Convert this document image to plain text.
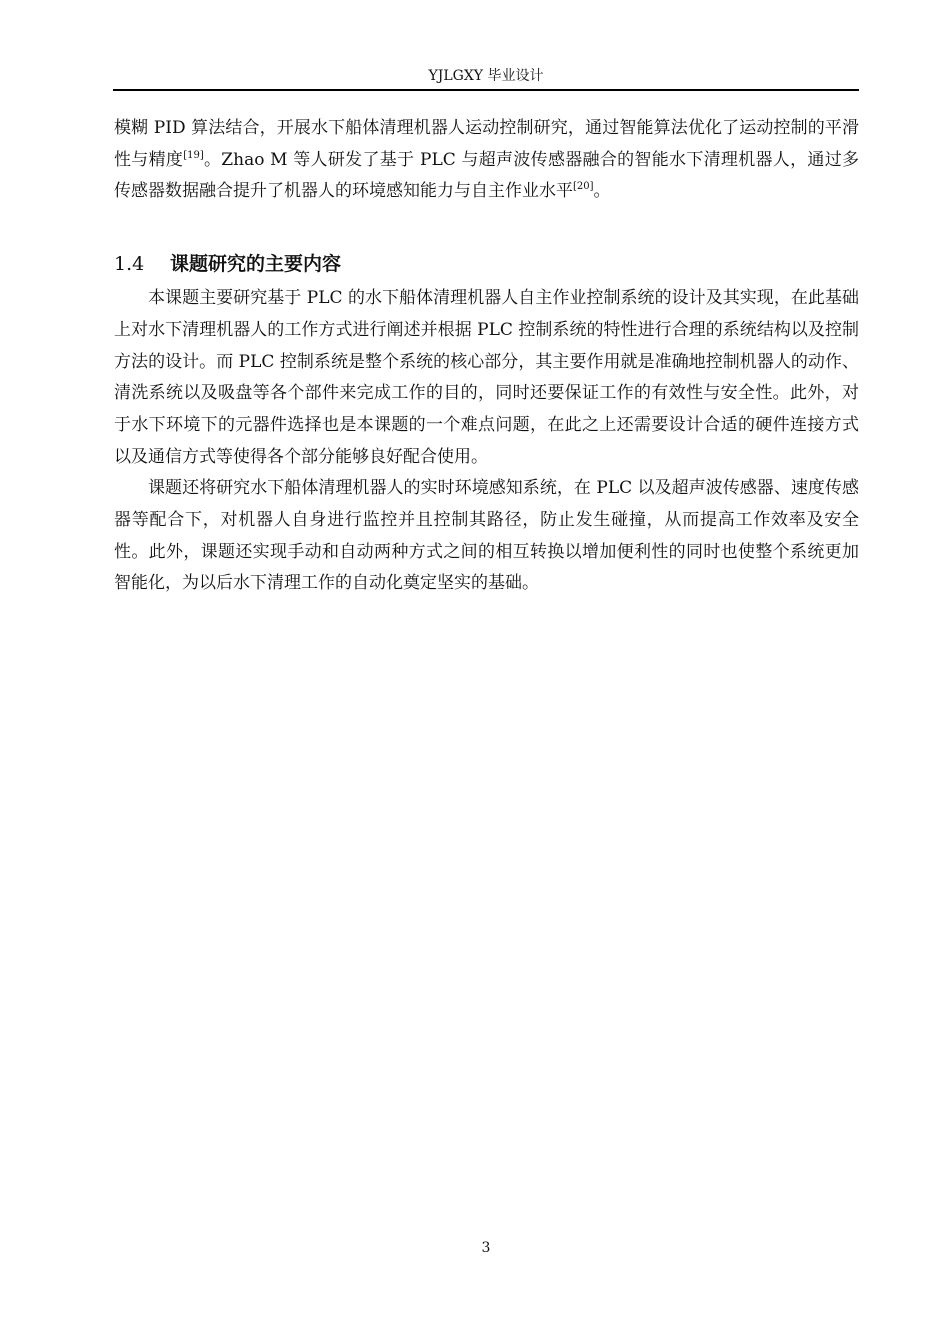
YJLGXY 毕业设计

模糊 PID 算法结合，开展水下船体清理机器人运动控制研究，通过智能算法优化了运动控制的平滑性与精度[19]。Zhao M 等人研发了基于 PLC 与超声波传感器融合的智能水下清理机器人，通过多传感器数据融合提升了机器人的环境感知能力与自主作业水平[20]。

1.4 课题研究的主要内容

本课题主要研究基于 PLC 的水下船体清理机器人自主作业控制系统的设计及其实现，在此基础上对水下清理机器人的工作方式进行阐述并根据 PLC 控制系统的特性进行合理的系统结构以及控制方法的设计。而 PLC 控制系统是整个系统的核心部分，其主要作用就是准确地控制机器人的动作、清洗系统以及吸盘等各个部件来完成工作的目的，同时还要保证工作的有效性与安全性。此外，对于水下环境下的元器件选择也是本课题的一个难点问题，在此之上还需要设计合适的硬件连接方式以及通信方式等使得各个部分能够良好配合使用。

课题还将研究水下船体清理机器人的实时环境感知系统，在 PLC 以及超声波传感器、速度传感器等配合下，对机器人自身进行监控并且控制其路径，防止发生碰撞，从而提高工作效率及安全性。此外，课题还实现手动和自动两种方式之间的相互转换以增加便利性的同时也使整个系统更加智能化，为以后水下清理工作的自动化奠定坚实的基础。

3
